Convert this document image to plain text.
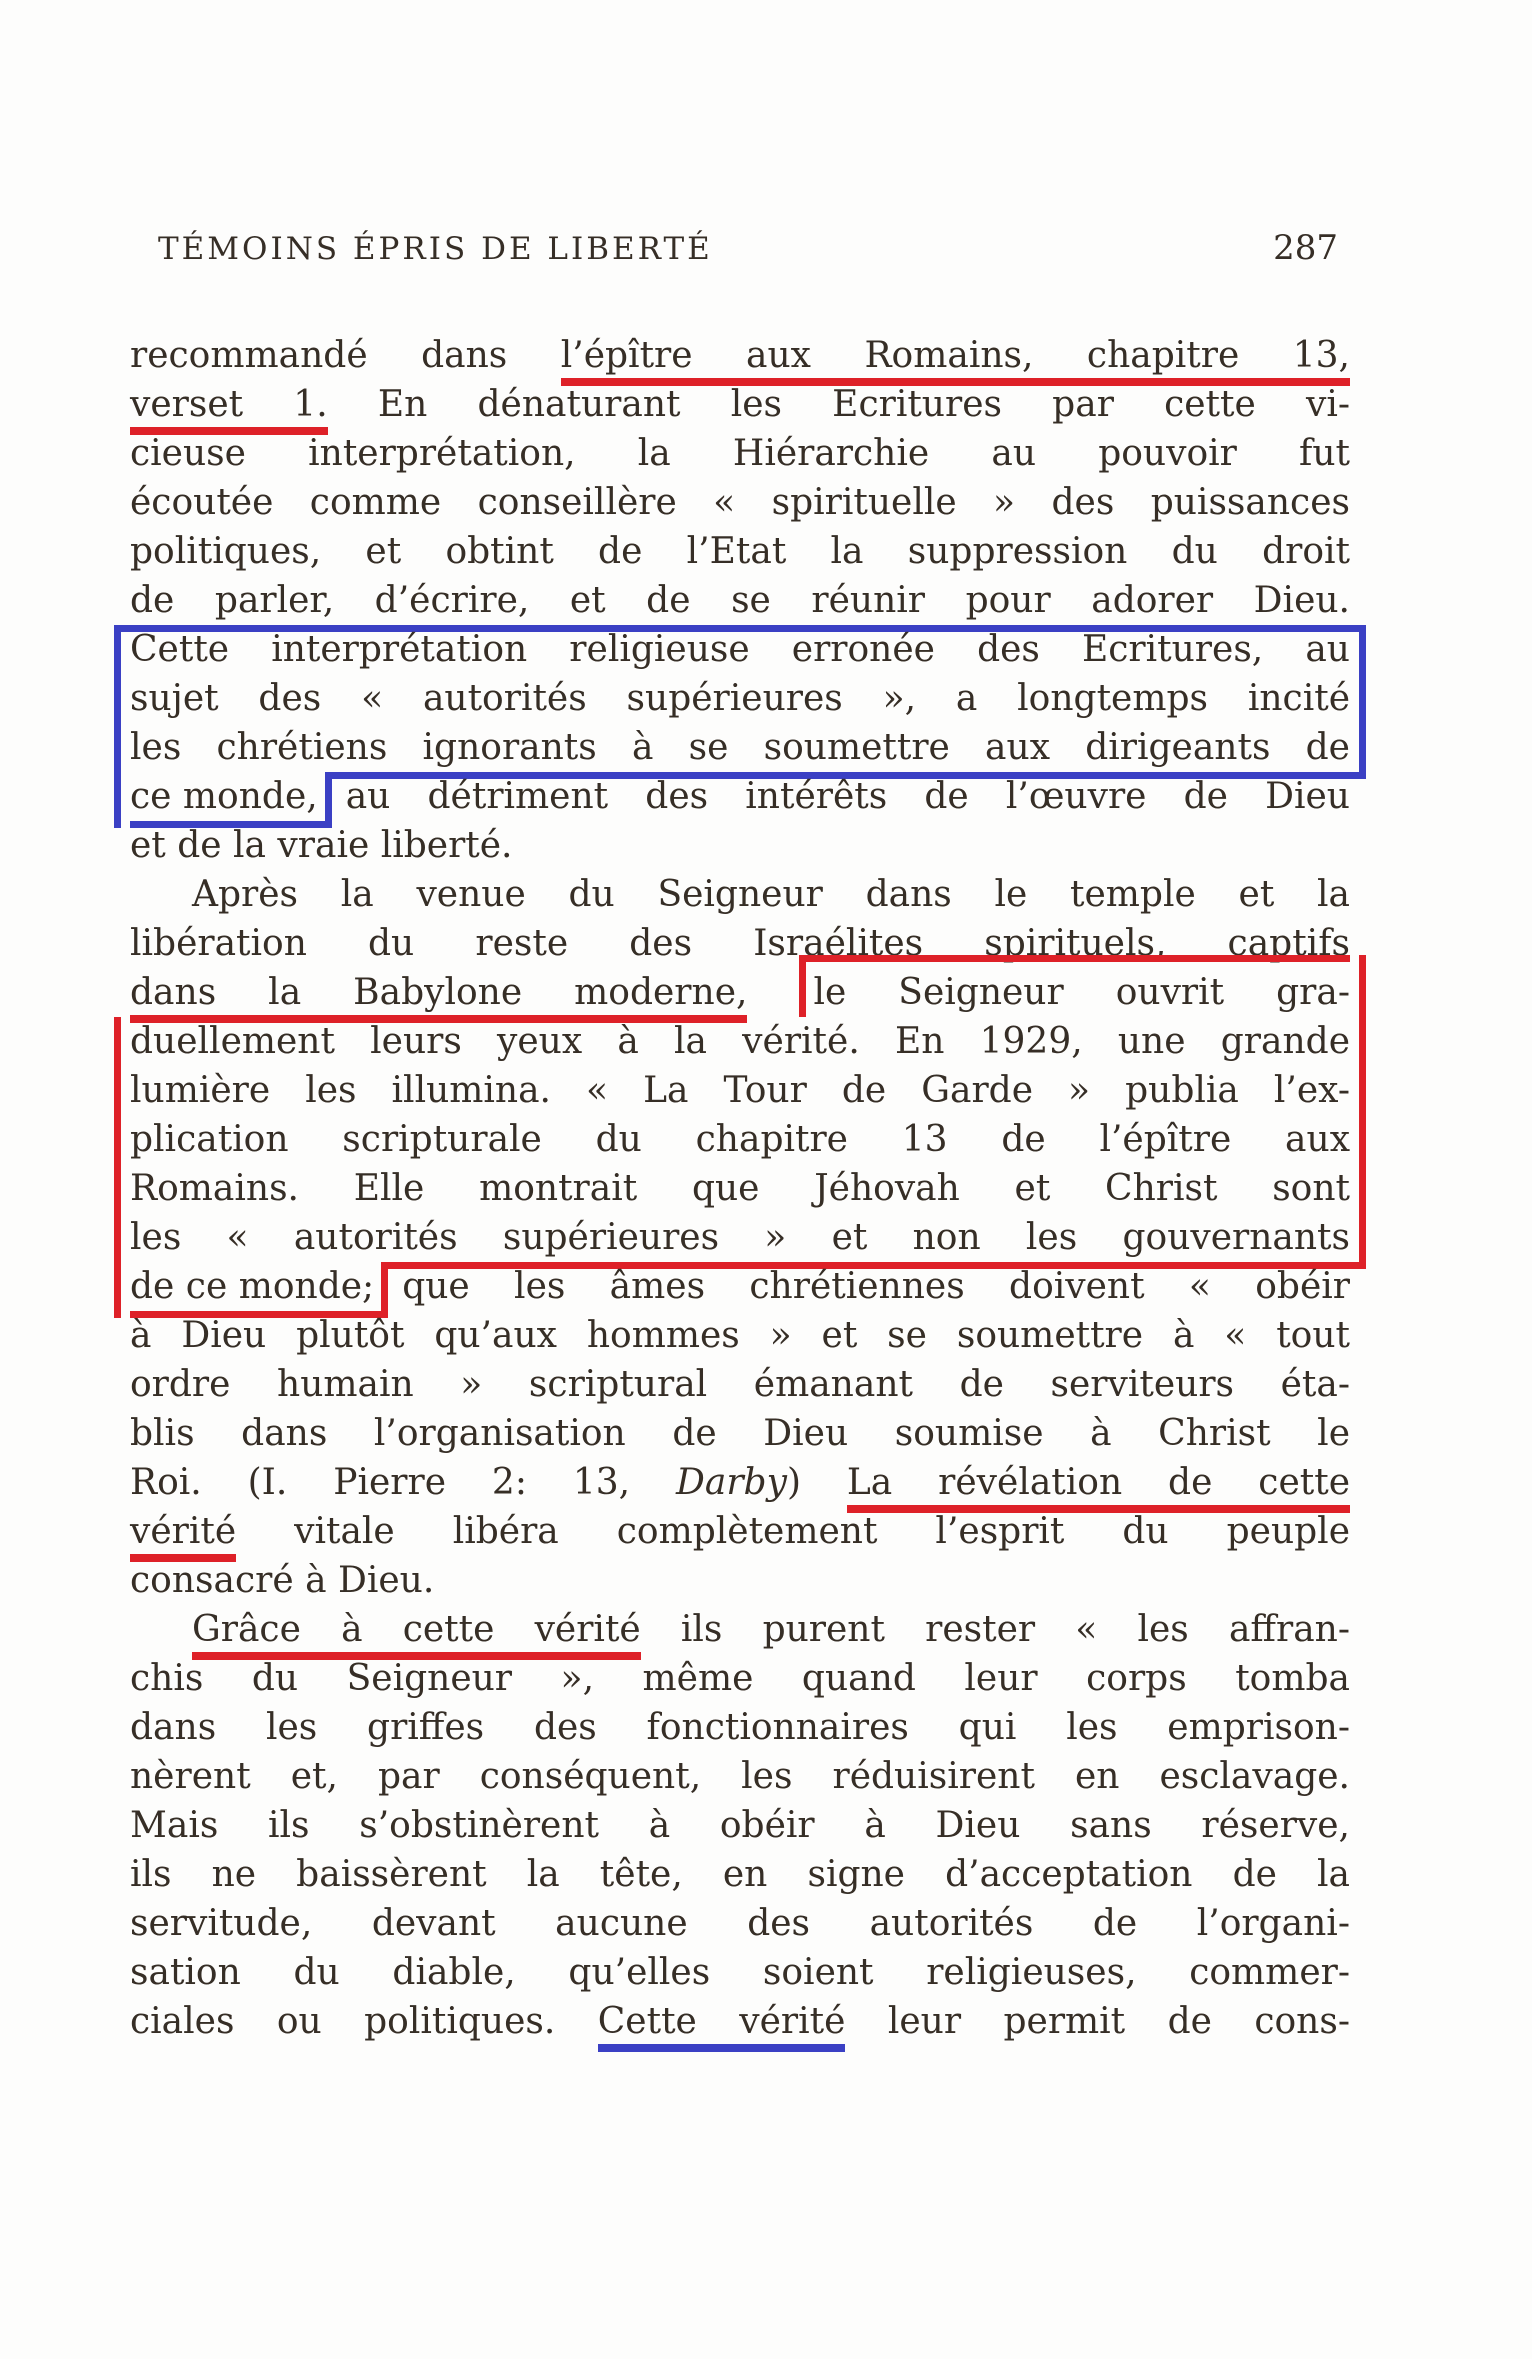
TÉMOINS ÉPRIS DE LIBERTÉ	287
recommandé dans l’épître aux Romains, chapitre 13,
verset 1. En dénaturant les Ecritures par cette vi-
cieuse interprétation, la Hiérarchie au pouvoir fut
écoutée comme conseillère « spirituelle » des puissances
politiques, et obtint de l’Etat la suppression du droit
de parler, d’écrire, et de se réunir pour adorer Dieu.
Cette interprétation religieuse erronée des Ecritures, au
sujet des « autorités supérieures », a longtemps incité
les chrétiens ignorants à se soumettre aux dirigeants de
ce monde, au détriment des intérêts de l’œuvre de Dieu
et de la vraie liberté.
Après la venue du Seigneur dans le temple et la
libération du reste des Israélites spirituels, captifs
dans la Babylone moderne, le Seigneur ouvrit gra-
duellement leurs yeux à la vérité. En 1929, une grande
lumière les illumina. « La Tour de Garde » publia l’ex-
plication scripturale du chapitre 13 de l’épître aux
Romains. Elle montrait que Jéhovah et Christ sont
les « autorités supérieures » et non les gouvernants
de ce monde; que les âmes chrétiennes doivent « obéir
à Dieu plutôt qu’aux hommes » et se soumettre à « tout
ordre humain » scriptural émanant de serviteurs éta-
blis dans l’organisation de Dieu soumise à Christ le
Roi. (I. Pierre 2: 13, Darby) La révélation de cette
vérité vitale libéra complètement l’esprit du peuple
consacré à Dieu.
Grâce à cette vérité ils purent rester « les affran-
chis du Seigneur », même quand leur corps tomba
dans les griffes des fonctionnaires qui les emprison-
nèrent et, par conséquent, les réduisirent en esclavage.
Mais ils s’obstinèrent à obéir à Dieu sans réserve,
ils ne baissèrent la tête, en signe d’acceptation de la
servitude, devant aucune des autorités de l’organi-
sation du diable, qu’elles soient religieuses, commer-
ciales ou politiques. Cette vérité leur permit de cons-
